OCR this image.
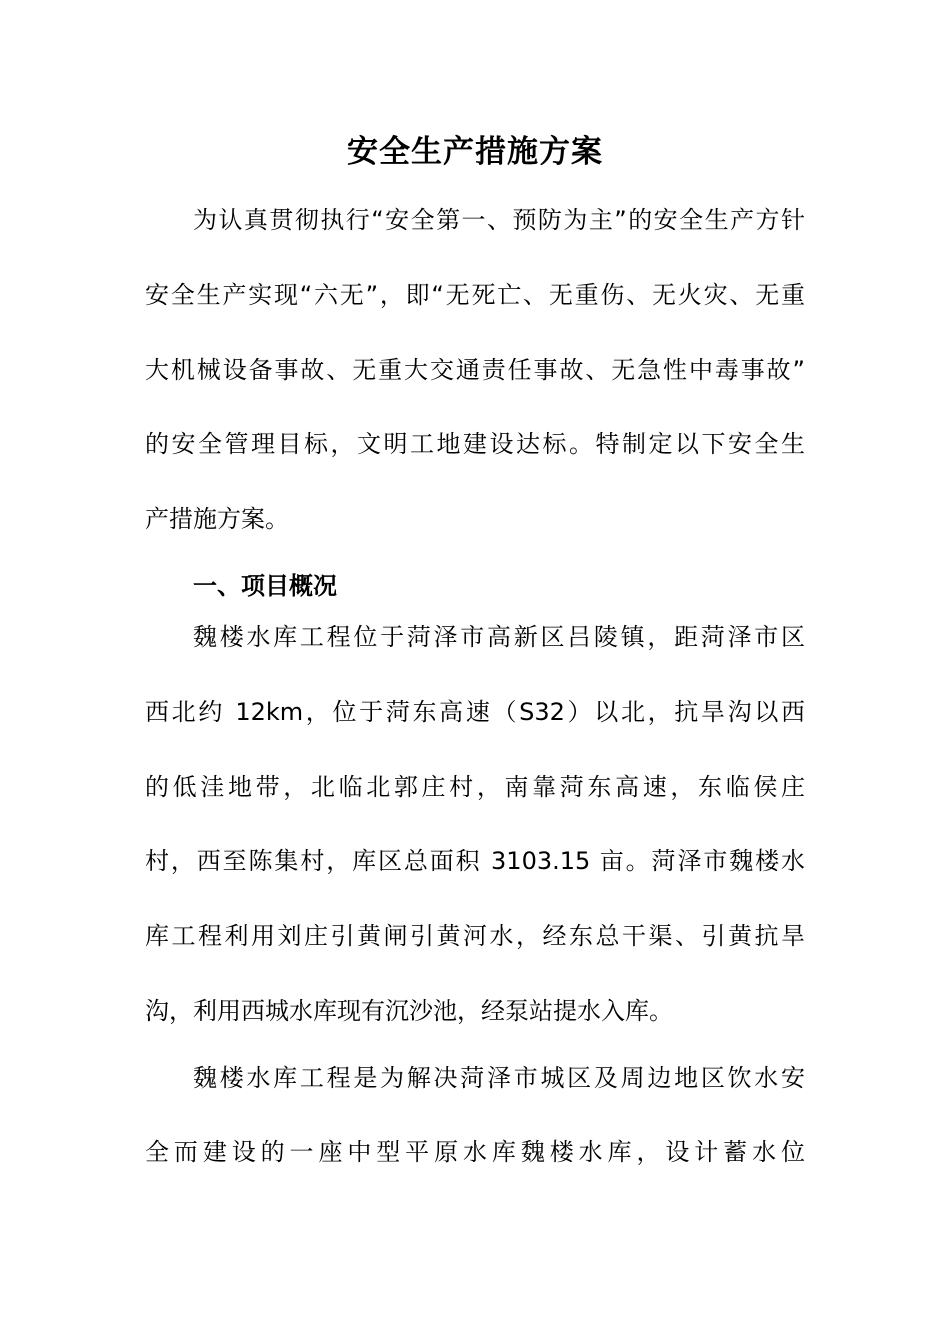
安全生产措施方案
为认真贯彻执行“安全第一、预防为主”的安全生产方针
安全生产实现“六无”，即“无死亡、无重伤、无火灾、无重
大机械设备事故、无重大交通责任事故、无急性中毒事故”
的安全管理目标，文明工地建设达标。特制定以下安全生
产措施方案。
一、项目概况
魏楼水库工程位于菏泽市高新区吕陵镇，距菏泽市区
西北约 12km，位于菏东高速（S32）以北，抗旱沟以西
的低洼地带，北临北郭庄村，南靠菏东高速，东临侯庄
村，西至陈集村，库区总面积 3103.15 亩。菏泽市魏楼水
库工程利用刘庄引黄闸引黄河水，经东总干渠、引黄抗旱
沟，利用西城水库现有沉沙池，经泵站提水入库。
魏楼水库工程是为解决菏泽市城区及周边地区饮水安
全而建设的一座中型平原水库魏楼水库，设计蓄水位
